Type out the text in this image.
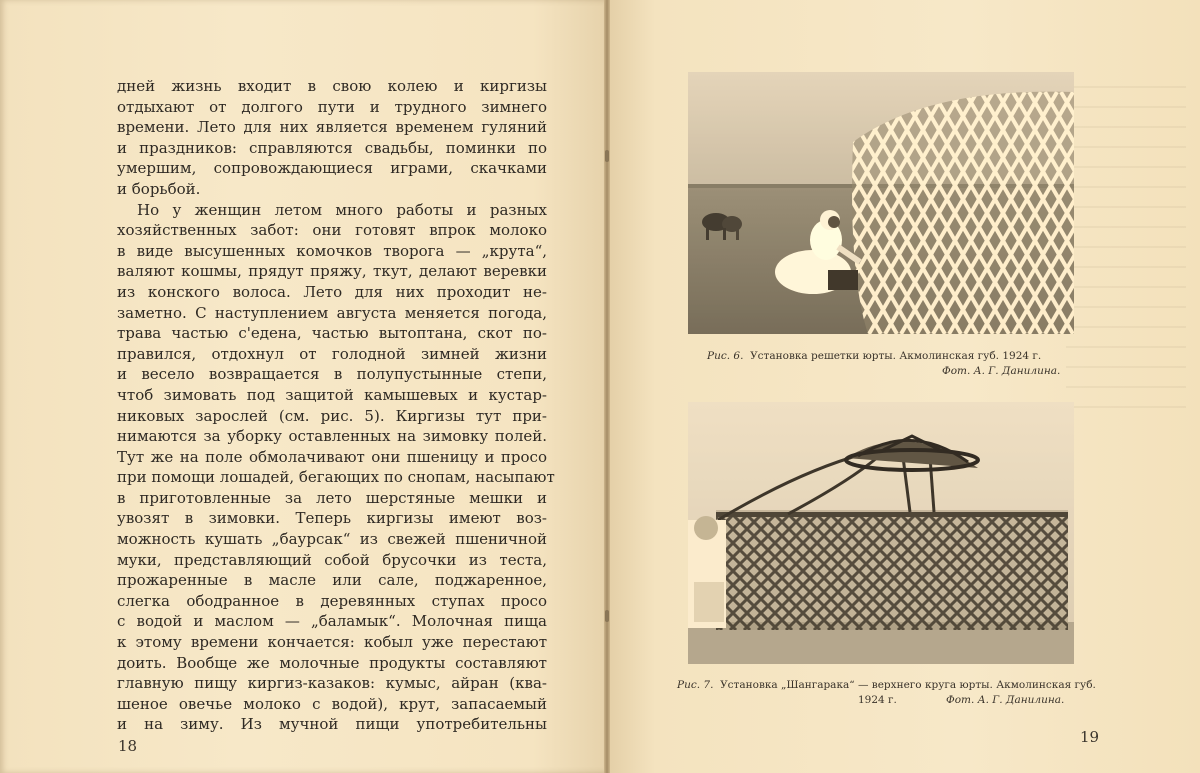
дней жизнь входит в свою колею и киргизы
отдыхают от долгого пути и трудного зимнего
времени. Лето для них является временем гуляний
и праздников: справляются свадьбы, поминки по
умершим, сопровождающиеся играми, скачками
и борьбой.
Но у женщин летом много работы и разных
хозяйственных забот: они готовят впрок молоко
в виде высушенных комочков творога — „крута“,
валяют кошмы, прядут пряжу, ткут, делают веревки
из конского волоса. Лето для них проходит не-
заметно. С наступлением августа меняется погода,
трава частью с'едена, частью вытоптана, скот по-
правился, отдохнул от голодной зимней жизни
и весело возвращается в полупустынные степи,
чтоб зимовать под защитой камышевых и кустар-
никовых зарослей (см. рис. 5). Киргизы тут при-
нимаются за уборку оставленных на зимовку полей.
Тут же на поле обмолачивают они пшеницу и просо
при помощи лошадей, бегающих по снопам, насыпают
в приготовленные за лето шерстяные мешки и
увозят в зимовки. Теперь киргизы имеют воз-
можность кушать „баурсак“ из свежей пшеничной
муки, представляющий собой брусочки из теста,
прожаренные в масле или сале, поджаренное,
слегка ободранное в деревянных ступах просо
с водой и маслом — „баламык“. Молочная пища
к этому времени кончается: кобыл уже перестают
доить. Вообще же молочные продукты составляют
главную пищу киргиз-казаков: кумыс, айран (ква-
шеное овечье молоко с водой), крут, запасаемый
и на зиму. Из мучной пищи употребительны
18
Рис. 6. Установка решетки юрты. Акмолинская губ. 1924 г.
Фот. А. Г. Данилина.
Рис. 7. Установка „Шангарака“ — верхнего круга юрты. Акмолинская губ.
1924 г.	Фот. А. Г. Данилина.
19
